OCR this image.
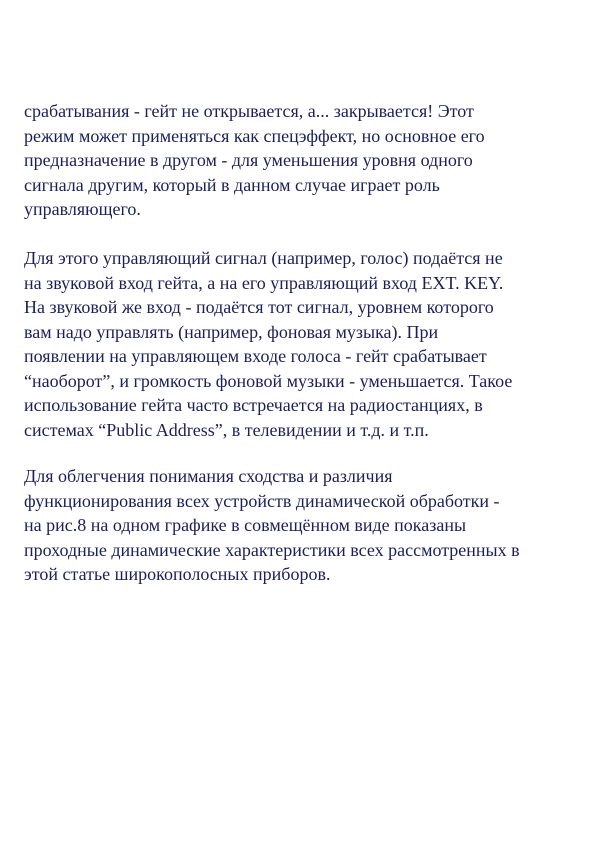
срабатывания - гейт не открывается, а... закрывается! Этот
режим может применяться как спецэффект, но основное его
предназначение в другом - для уменьшения уровня одного
сигнала другим, который в данном случае играет роль
управляющего.
Для этого управляющий сигнал (например, голос) подаётся не
на звуковой вход гейта, а на его управляющий вход EXT. KEY.
На звуковой же вход - подаётся тот сигнал, уровнем которого
вам надо управлять (например, фоновая музыка). При
появлении на управляющем входе голоса - гейт срабатывает
“наоборот”, и громкость фоновой музыки - уменьшается. Такое
использование гейта часто встречается на радиостанциях, в
системах “Public Address”, в телевидении и т.д. и т.п.
Для облегчения понимания сходства и различия
функционирования всех устройств динамической обработки -
на рис.8 на одном графике в совмещённом виде показаны
проходные динамические характеристики всех рассмотренных в
этой статье широкополосных приборов.
